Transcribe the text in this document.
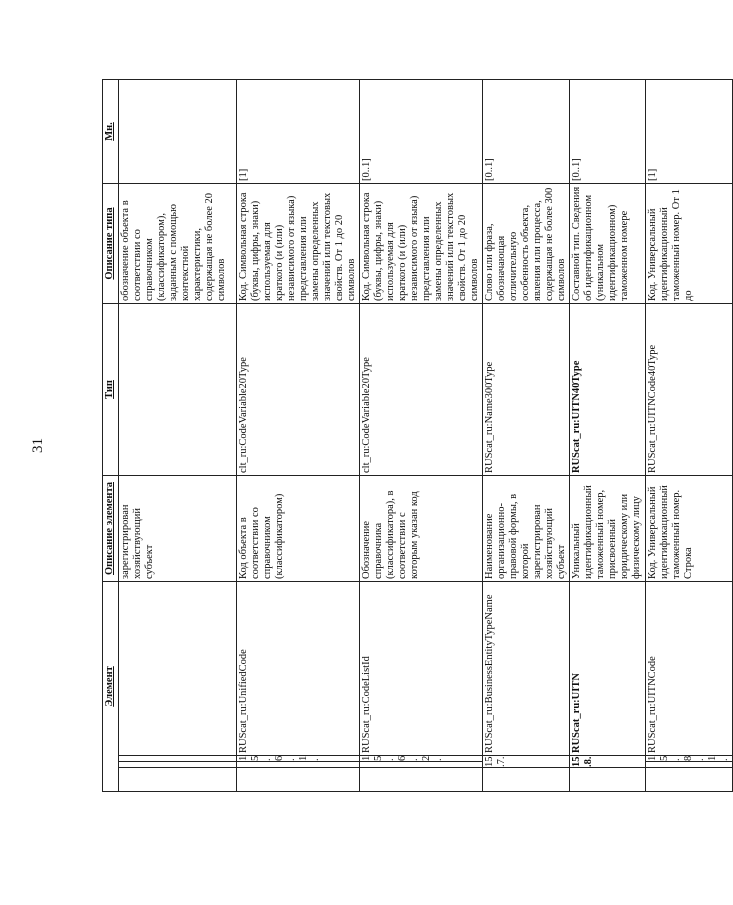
31
Элемент				Описание элемента	Тип	Описание типа	Мн.
				зарегистрирован хозяйствующий субъект		обозначение объекта в соответствии со справочником (классификатором), заданным с помощью контекстной характеристики, содержащая не более 20 символов	
		15.6.1.	RUScat_ru:UnifiedCode	Код объекта в соответствии со справочником (классификатором)	clt_ru:CodeVariable20Type	Код. Символьная строка (буквы, цифры, знаки) используемая для краткого (и (или) независимого от языка) представления или замены определенных значений или текстовых свойств. От 1 до 20 символов	[1]
		15.6.2.	RUScat_ru:CodeListId	Обозначение справочника (классификатора), в соответствии с которым указан код	clt_ru:CodeVariable20Type	Код. Символьная строка (буквы, цифры, знаки) используемая для краткого (и (или) независимого от языка) представления или замены определенных значений или текстовых свойств. От 1 до 20 символов	[0..1]
	15.7.		RUScat_ru:BusinessEntityTypeName	Наименование организационно-правовой формы, в которой зарегистрирован хозяйствующий субъект	RUScat_ru:Name300Type	Слово или фраза, обозначающая отличительную особенность объекта, явления или процесса, содержащая не более 300 символов	[0..1]
	15.8.		RUScat_ru:UITN	Уникальный идентификационный таможенный номер, присвоенный юридическому или физическому лицу	RUScat_ru:UITN40Type	Составной тип. Сведения об идентификационном (уникальном идентификационном) таможенном номере	[0..1]
		15.8.1.	RUScat_ru:UITNCode	Код. Универсальный идентификационный таможенный номер. Строка	RUScat_ru:UITNCode40Type	Код. Универсальный идентификационный таможенный номер. От 1 до	[1]
